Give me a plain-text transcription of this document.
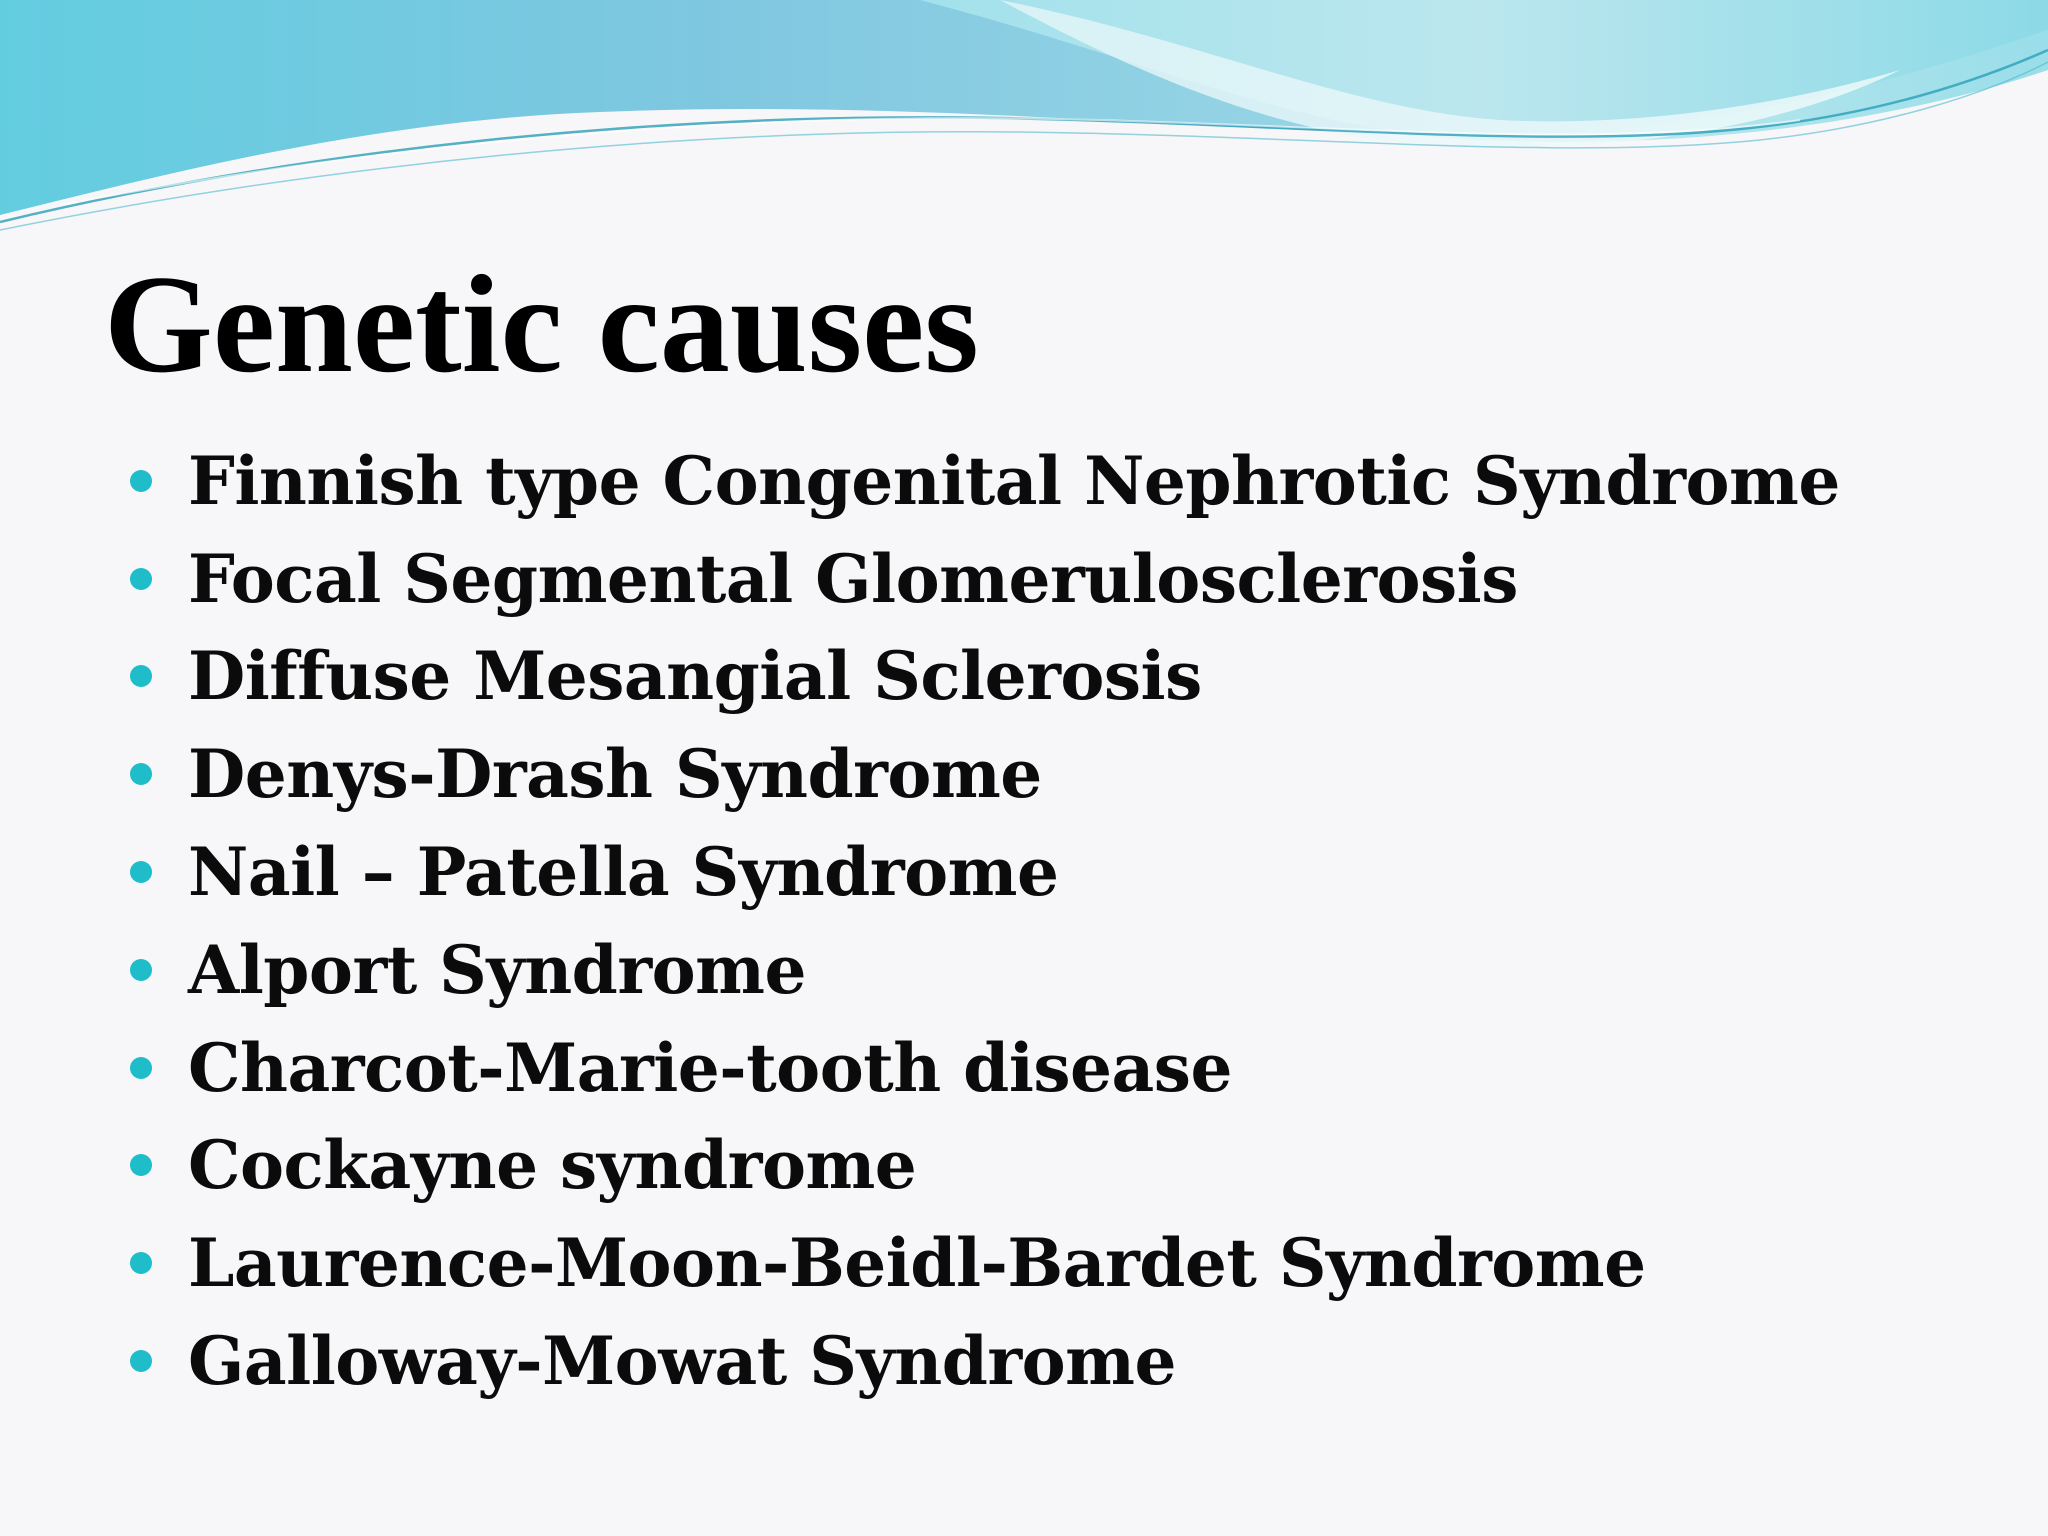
Genetic causes
Finnish type Congenital Nephrotic Syndrome
Focal Segmental Glomerulosclerosis
Diffuse Mesangial Sclerosis
Denys-Drash Syndrome
Nail – Patella Syndrome
Alport Syndrome
Charcot-Marie-tooth disease
Cockayne syndrome
Laurence-Moon-Beidl-Bardet Syndrome
Galloway-Mowat Syndrome
